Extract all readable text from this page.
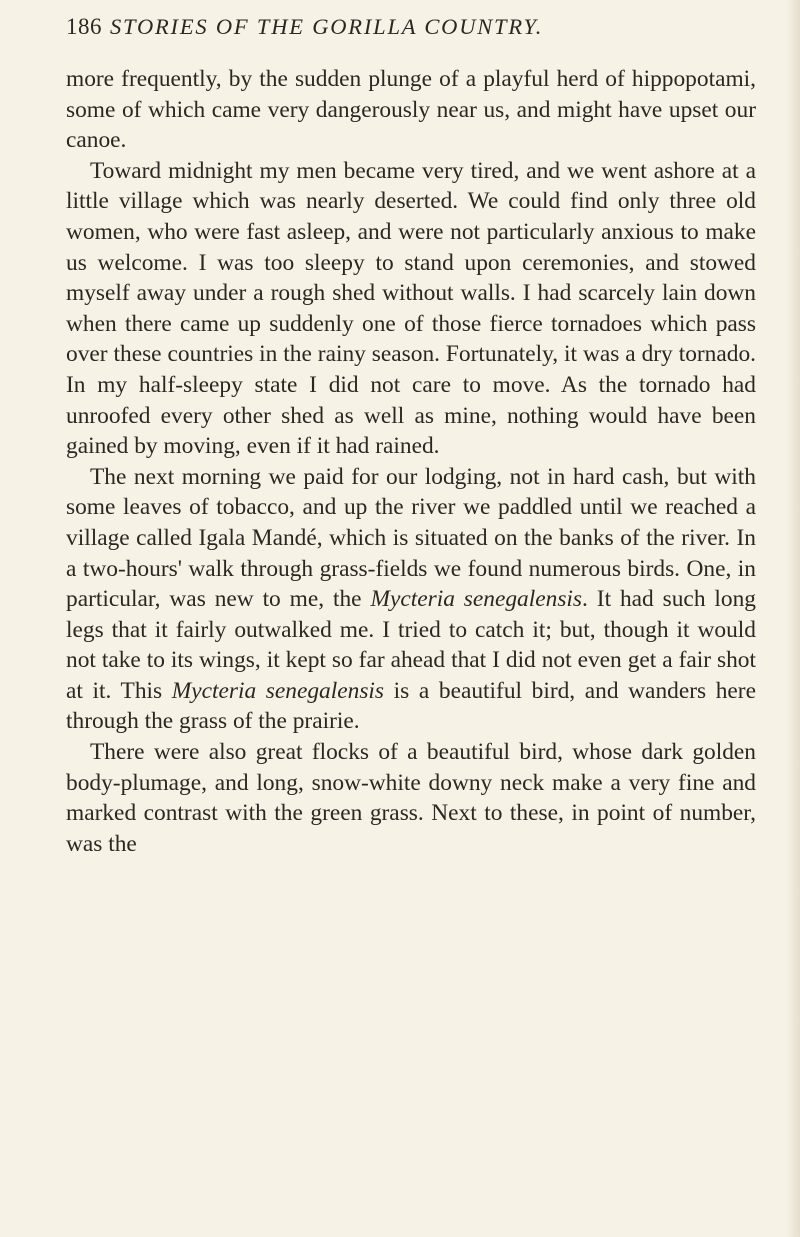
186 STORIES OF THE GORILLA COUNTRY.

more frequently, by the sudden plunge of a playful herd of hippopotami, some of which came very dangerously near us, and might have upset our canoe.

Toward midnight my men became very tired, and we went ashore at a little village which was nearly deserted. We could find only three old women, who were fast asleep, and were not particularly anxious to make us welcome. I was too sleepy to stand upon ceremonies, and stowed myself away under a rough shed without walls. I had scarcely lain down when there came up suddenly one of those fierce tornadoes which pass over these countries in the rainy season. Fortunately, it was a dry tornado. In my half-sleepy state I did not care to move. As the tornado had unroofed every other shed as well as mine, nothing would have been gained by moving, even if it had rained.

The next morning we paid for our lodging, not in hard cash, but with some leaves of tobacco, and up the river we paddled until we reached a village called Igala Mandé, which is situated on the banks of the river. In a two-hours' walk through grass-fields we found numerous birds. One, in particular, was new to me, the Mycteria senegalensis. It had such long legs that it fairly outwalked me. I tried to catch it; but, though it would not take to its wings, it kept so far ahead that I did not even get a fair shot at it. This Mycteria senegalensis is a beautiful bird, and wanders here through the grass of the prairie.

There were also great flocks of a beautiful bird, whose dark golden body-plumage, and long, snow-white downy neck make a very fine and marked contrast with the green grass. Next to these, in point of number, was the
